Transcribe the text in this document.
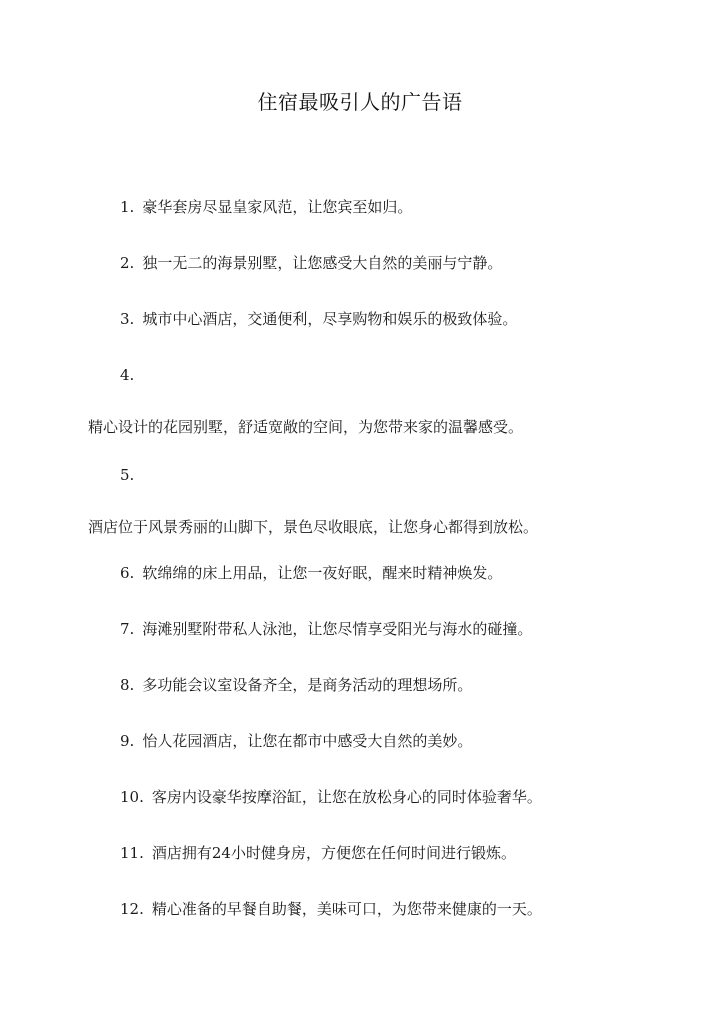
住宿最吸引人的广告语
1. 豪华套房尽显皇家风范，让您宾至如归。
2. 独一无二的海景别墅，让您感受大自然的美丽与宁静。
3. 城市中心酒店，交通便利，尽享购物和娱乐的极致体验。
4.
精心设计的花园别墅，舒适宽敞的空间，为您带来家的温馨感受。
5.
酒店位于风景秀丽的山脚下，景色尽收眼底，让您身心都得到放松。
6. 软绵绵的床上用品，让您一夜好眠，醒来时精神焕发。
7. 海滩别墅附带私人泳池，让您尽情享受阳光与海水的碰撞。
8. 多功能会议室设备齐全，是商务活动的理想场所。
9. 怡人花园酒店，让您在都市中感受大自然的美妙。
10. 客房内设豪华按摩浴缸，让您在放松身心的同时体验奢华。
11. 酒店拥有24小时健身房，方便您在任何时间进行锻炼。
12. 精心准备的早餐自助餐，美味可口，为您带来健康的一天。
